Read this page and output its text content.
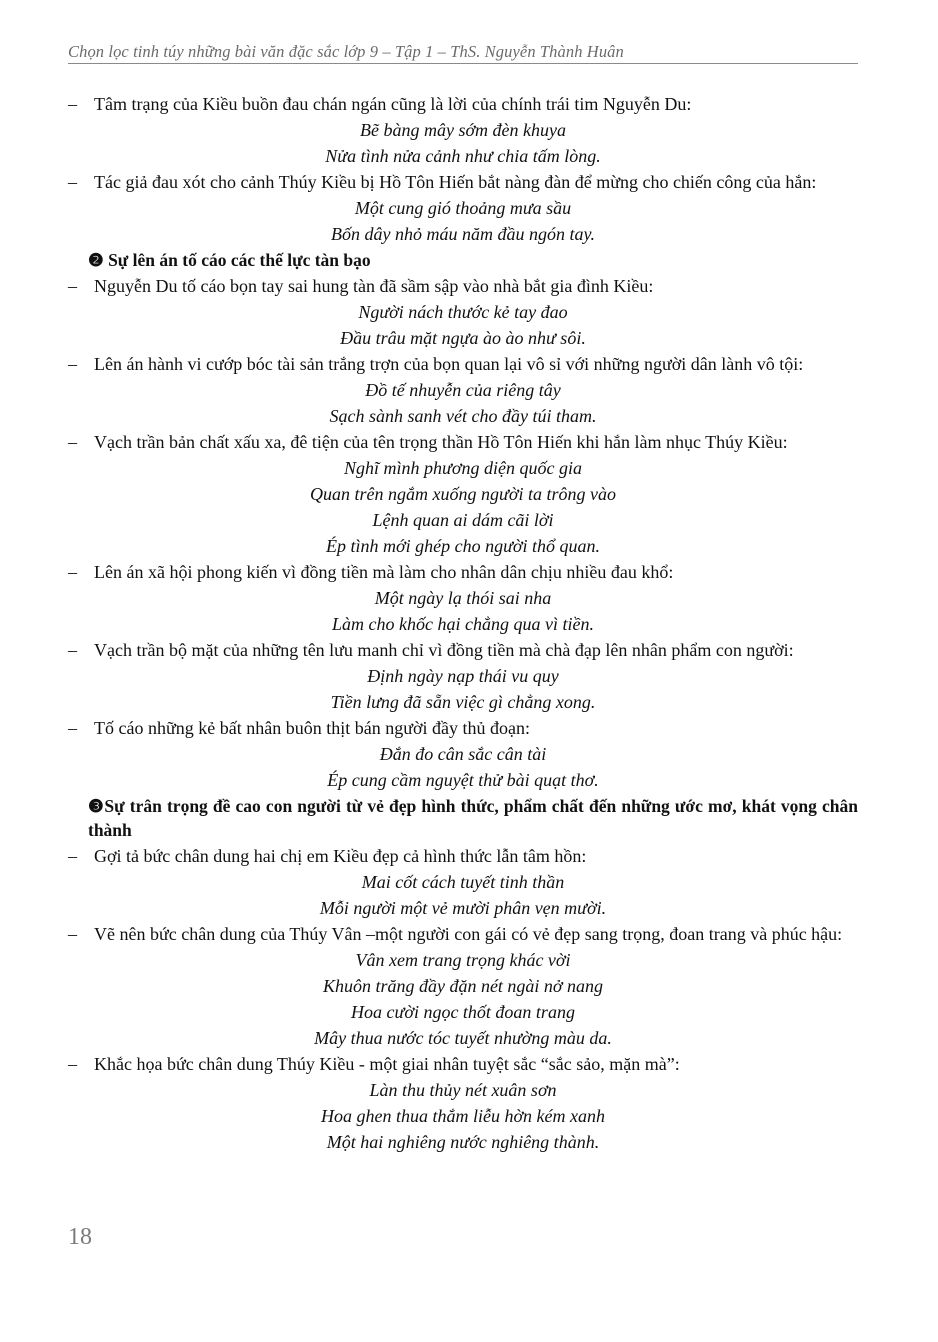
Chọn lọc tinh túy những bài văn đặc sắc lớp 9 – Tập 1 – ThS. Nguyễn Thành Huân
– Tâm trạng của Kiều buồn đau chán ngán cũng là lời của chính trái tim Nguyễn Du:
Bẽ bàng mây sớm đèn khuya
Nửa tình nửa cảnh như chia tấm lòng.
– Tác giả đau xót cho cảnh Thúy Kiều bị Hồ Tôn Hiến bắt nàng đàn để mừng cho chiến công của hắn:
Một cung gió thoảng mưa sầu
Bốn dây nhỏ máu năm đầu ngón tay.
❷ Sự lên án tố cáo các thế lực tàn bạo
– Nguyễn Du tố cáo bọn tay sai hung tàn đã sầm sập vào nhà bắt gia đình Kiều:
Người nách thước kẻ tay đao
Đầu trâu mặt ngựa ào ào như sôi.
– Lên án hành vi cướp bóc tài sản trắng trợn của bọn quan lại vô sỉ với những người dân lành vô tội:
Đồ tế nhuyễn của riêng tây
Sạch sành sanh vét cho đầy túi tham.
– Vạch trần bản chất xấu xa, đê tiện của tên trọng thần Hồ Tôn Hiến khi hắn làm nhục Thúy Kiều:
Nghĩ mình phương diện quốc gia
Quan trên ngắm xuống người ta trông vào
Lệnh quan ai dám cãi lời
Ép tình mới ghép cho người thổ quan.
– Lên án xã hội phong kiến vì đồng tiền mà làm cho nhân dân chịu nhiều đau khổ:
Một ngày lạ thói sai nha
Làm cho khốc hại chẳng qua vì tiền.
– Vạch trần bộ mặt của những tên lưu manh chỉ vì đồng tiền mà chà đạp lên nhân phẩm con người:
Định ngày nạp thái vu quy
Tiền lưng đã sẵn việc gì chẳng xong.
– Tố cáo những kẻ bất nhân buôn thịt bán người đầy thủ đoạn:
Đắn đo cân sắc cân tài
Ép cung cầm nguyệt thử bài quạt thơ.
❸Sự trân trọng đề cao con người từ vẻ đẹp hình thức, phẩm chất đến những ước mơ, khát vọng chân thành
– Gợi tả bức chân dung hai chị em Kiều đẹp cả hình thức lẫn tâm hồn:
Mai cốt cách tuyết tinh thần
Mỗi người một vẻ mười phân vẹn mười.
– Vẽ nên bức chân dung của Thúy Vân –một người con gái có vẻ đẹp sang trọng, đoan trang và phúc hậu:
Vân xem trang trọng khác vời
Khuôn trăng đầy đặn nét ngài nở nang
Hoa cười ngọc thốt đoan trang
Mây thua nước tóc tuyết nhường màu da.
– Khắc họa bức chân dung Thúy Kiều - một giai nhân tuyệt sắc “sắc sảo, mặn mà”:
Làn thu thủy nét xuân sơn
Hoa ghen thua thắm liễu hờn kém xanh
Một hai nghiêng nước nghiêng thành.
18
